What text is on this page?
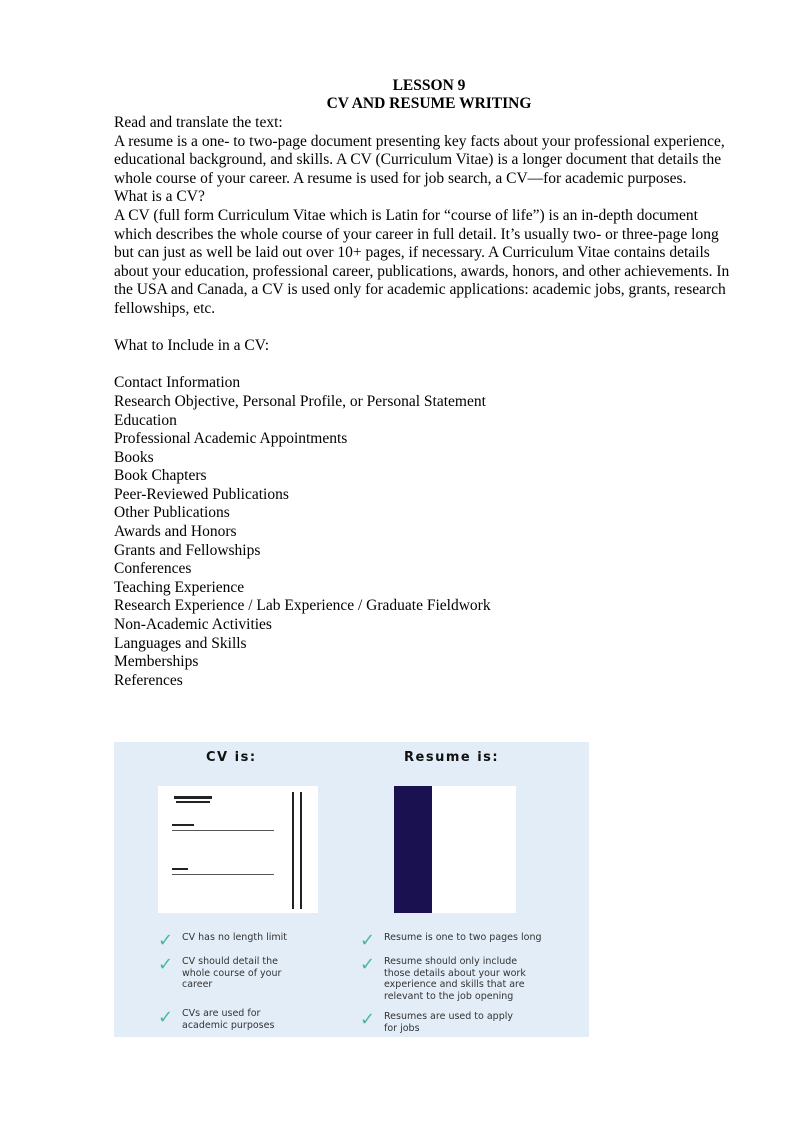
LESSON 9
CV AND RESUME WRITING

Read and translate the text:

A resume is a one- to two-page document presenting key facts about your professional experience, educational background, and skills. A CV (Curriculum Vitae) is a longer document that details the whole course of your career. A resume is used for job search, a CV—for academic purposes.

What is a CV?

A CV (full form Curriculum Vitae which is Latin for “course of life”) is an in-depth document which describes the whole course of your career in full detail. It’s usually two- or three-page long but can just as well be laid out over 10+ pages, if necessary. A Curriculum Vitae contains details about your education, professional career, publications, awards, honors, and other achievements. In the USA and Canada, a CV is used only for academic applications: academic jobs, grants, research fellowships, etc.

What to Include in a CV:

Contact Information
Research Objective, Personal Profile, or Personal Statement
Education
Professional Academic Appointments
Books
Book Chapters
Peer-Reviewed Publications
Other Publications
Awards and Honors
Grants and Fellowships
Conferences
Teaching Experience
Research Experience / Lab Experience / Graduate Fieldwork
Non-Academic Activities
Languages and Skills
Memberships
References
CV is:	Resume is:
✓ CV has no length limit
✓ CV should detail the
whole course of your
career
✓ CVs are used for
academic purposes
✓ Resume is one to two pages long
✓ Resume should only include
those details about your work
experience and skills that are
relevant to the job opening
✓ Resumes are used to apply
for jobs
